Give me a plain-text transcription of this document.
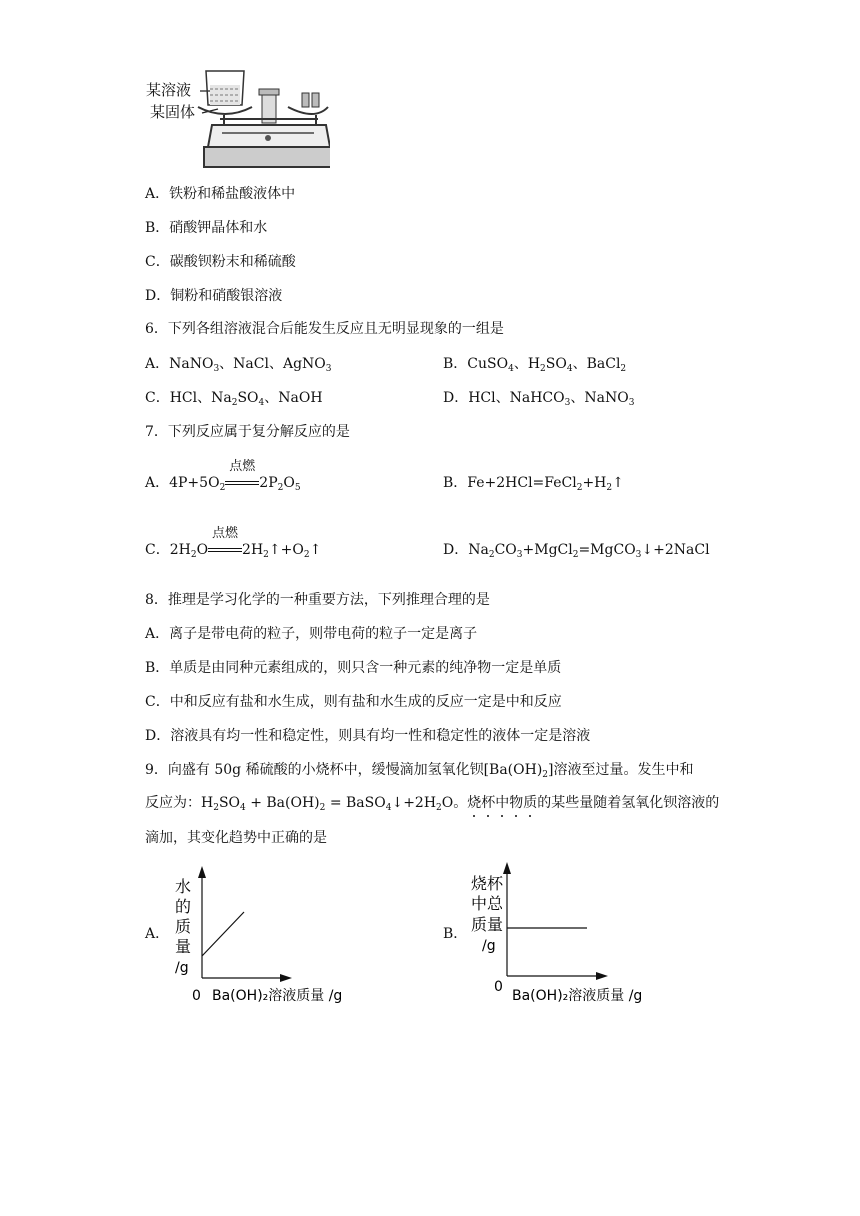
某溶液
某固体
A．铁粉和稀盐酸液体中
B．硝酸钾晶体和水
C．碳酸钡粉末和稀硫酸
D．铜粉和硝酸银溶液
6．下列各组溶液混合后能发生反应且无明显现象的一组是
A．NaNO$_3$、NaCl、AgNO$_3$	B．CuSO$_4$、$H_2SO_4$、BaCl$_2$
C．HCl、$Na_2SO_4$、NaOH	D．HCl、NaHCO$_3$、NaNO$_3$
7．下列反应属于复分解反应的是
A．$4P+5O_2$
点燃
$2P_2O_5$	B．$Fe+2HCl=FeCl_2+H_2↑$
C．$2H_2O$
点燃
$2H_2↑+O_2↑$	D．$Na_2CO_3+MgCl_2=MgCO_3↓+2NaCl$
8．推理是学习化学的一种重要方法，下列推理合理的是
A．离子是带电荷的粒子，则带电荷的粒子一定是离子
B．单质是由同种元素组成的，则只含一种元素的纯净物一定是单质
C．中和反应有盐和水生成，则有盐和水生成的反应一定是中和反应
D．溶液具有均一性和稳定性，则具有均一性和稳定性的液体一定是溶液
9．向盛有 50g 稀硫酸的小烧杯中，缓慢滴加氢氧化钡$[Ba(OH)_2]$溶液至过量。发生中和
反应为：$H_2SO_4 + Ba(OH)_2$ = $BaSO_4↓+2H_2O$。烧杯中物质的某些量随着氢氧化钡溶液的
滴加，其变化趋势中正确的是
A．
水
的
质
量
/g
0 Ba(OH)₂溶液质量 /g
B．
烧杯
中总
质量
/g
0
Ba(OH)₂溶液质量 /g
